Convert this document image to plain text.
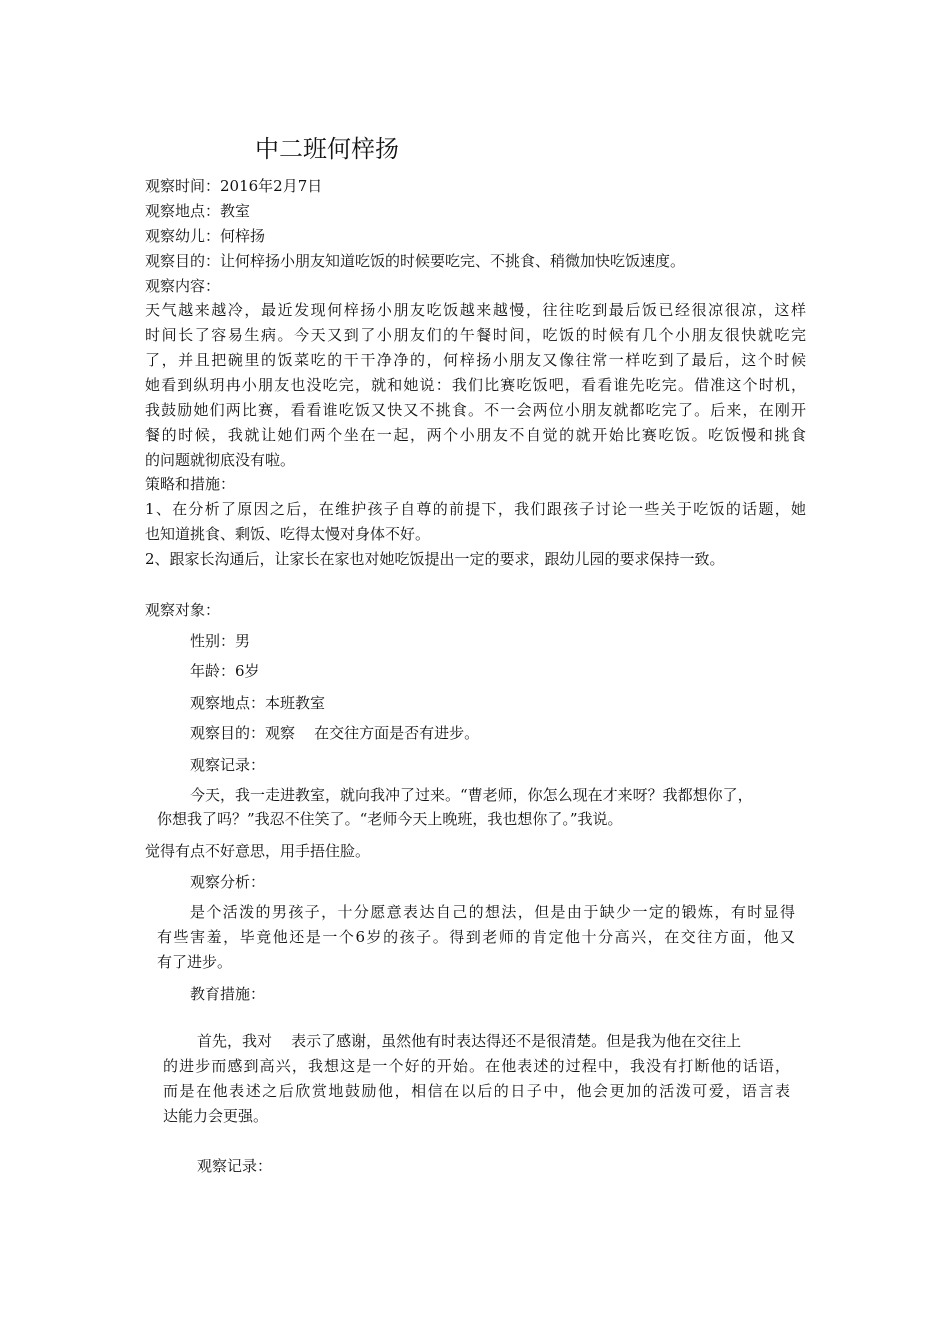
中二班何梓扬
观察时间：2016年2月7日
观察地点：教室
观察幼儿：何梓扬
观察目的：让何梓扬小朋友知道吃饭的时候要吃完、不挑食、稍微加快吃饭速度。
观察内容：
天气越来越冷，最近发现何梓扬小朋友吃饭越来越慢，往往吃到最后饭已经很凉很凉，这样
时间长了容易生病。今天又到了小朋友们的午餐时间，吃饭的时候有几个小朋友很快就吃完
了，并且把碗里的饭菜吃的干干净净的，何梓扬小朋友又像往常一样吃到了最后，这个时候
她看到纵玥冉小朋友也没吃完，就和她说：我们比赛吃饭吧，看看谁先吃完。借准这个时机，
我鼓励她们两比赛，看看谁吃饭又快又不挑食。不一会两位小朋友就都吃完了。后来，在刚开
餐的时候，我就让她们两个坐在一起，两个小朋友不自觉的就开始比赛吃饭。吃饭慢和挑食
的问题就彻底没有啦。
策略和措施：
1、在分析了原因之后，在维护孩子自尊的前提下，我们跟孩子讨论一些关于吃饭的话题，她
也知道挑食、剩饭、吃得太慢对身体不好。
2、跟家长沟通后，让家长在家也对她吃饭提出一定的要求，跟幼儿园的要求保持一致。
观察对象：
性别：男
年龄：6岁
观察地点：本班教室
观察目的：观察    在交往方面是否有进步。
观察记录：
今天，我一走进教室，就向我冲了过来。“曹老师，你怎么现在才来呀？我都想你了，
你想我了吗？”我忍不住笑了。“老师今天上晚班，我也想你了。”我说。
觉得有点不好意思，用手捂住脸。
观察分析：
是个活泼的男孩子，十分愿意表达自己的想法，但是由于缺少一定的锻炼，有时显得
有些害羞，毕竟他还是一个6岁的孩子。得到老师的肯定他十分高兴，在交往方面，他又
有了进步。
教育措施：
首先，我对    表示了感谢，虽然他有时表达得还不是很清楚。但是我为他在交往上
的进步而感到高兴，我想这是一个好的开始。在他表述的过程中，我没有打断他的话语，
而是在他表述之后欣赏地鼓励他，相信在以后的日子中，他会更加的活泼可爱，语言表
达能力会更强。
观察记录：
